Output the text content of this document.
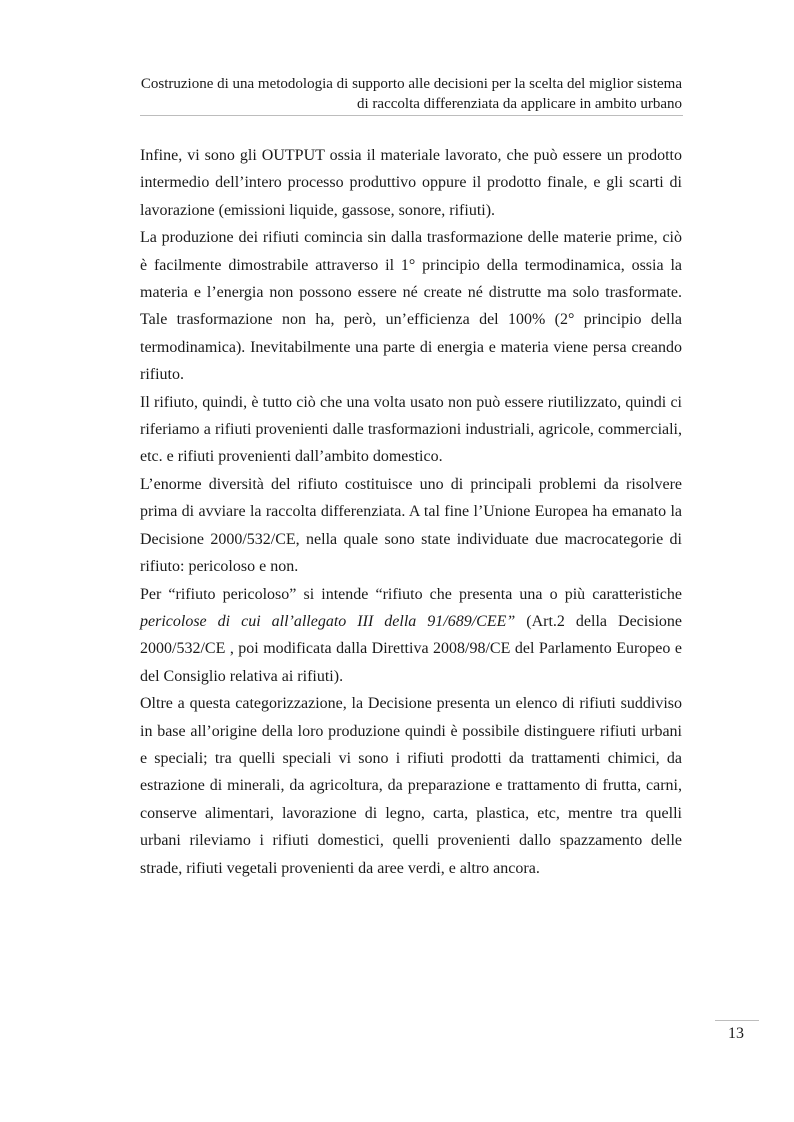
Costruzione di una metodologia di supporto alle decisioni per la scelta del miglior sistema
di raccolta differenziata da applicare in ambito urbano

Infine, vi sono gli OUTPUT ossia il materiale lavorato, che può essere un prodotto intermedio dell’intero processo produttivo oppure il prodotto finale, e gli scarti di lavorazione (emissioni liquide, gassose, sonore, rifiuti).

La produzione dei rifiuti comincia sin dalla trasformazione delle materie prime, ciò è facilmente dimostrabile attraverso il 1° principio della termodinamica, ossia la materia e l’energia non possono essere né create né distrutte ma solo trasformate. Tale trasformazione non ha, però, un’efficienza del 100% (2° principio della termodinamica). Inevitabilmente una parte di energia e materia viene persa creando rifiuto.

Il rifiuto, quindi, è tutto ciò che una volta usato non può essere riutilizzato, quindi ci riferiamo a rifiuti provenienti dalle trasformazioni industriali, agricole, commerciali, etc. e rifiuti provenienti dall’ambito domestico.

L’enorme diversità del rifiuto costituisce uno di principali problemi da risolvere prima di avviare la raccolta differenziata. A tal fine l’Unione Europea ha emanato la Decisione 2000/532/CE, nella quale sono state individuate due macrocategorie di rifiuto: pericoloso e non.

Per “rifiuto pericoloso” si intende “rifiuto che presenta una o più caratteristiche pericolose di cui all’allegato III della 91/689/CEE” (Art.2 della Decisione 2000/532/CE , poi modificata dalla Direttiva 2008/98/CE del Parlamento Europeo e del Consiglio relativa ai rifiuti).

Oltre a questa categorizzazione, la Decisione presenta un elenco di rifiuti suddiviso in base all’origine della loro produzione quindi è possibile distinguere rifiuti urbani e speciali; tra quelli speciali vi sono i rifiuti prodotti da trattamenti chimici, da estrazione di minerali, da agricoltura, da preparazione e trattamento di frutta, carni, conserve alimentari, lavorazione di legno, carta, plastica, etc, mentre tra quelli urbani rileviamo i rifiuti domestici, quelli provenienti dallo spazzamento delle strade, rifiuti vegetali provenienti da aree verdi, e altro ancora.

13
